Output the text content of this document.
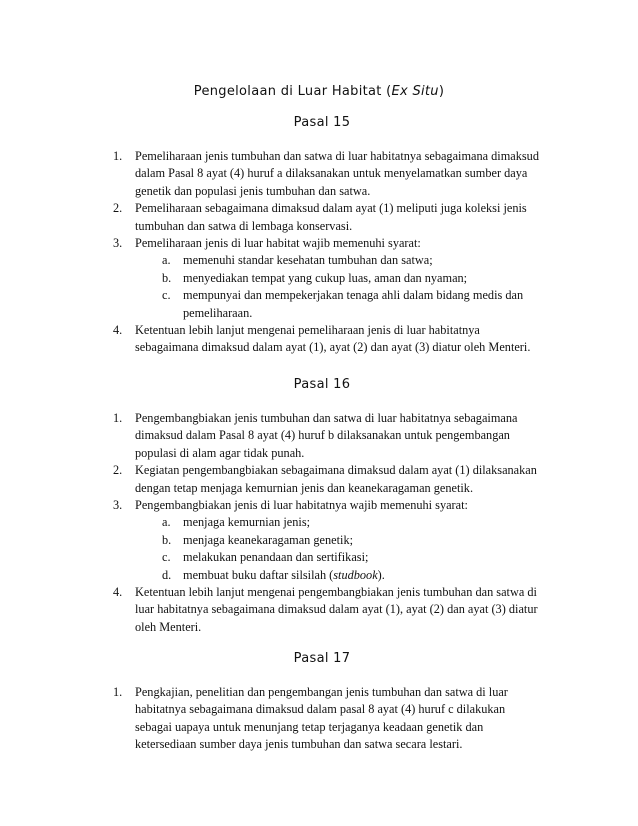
Pengelolaan di Luar Habitat (Ex Situ)
Pasal 15
1. Pemeliharaan jenis tumbuhan dan satwa di luar habitatnya sebagaimana dimaksud dalam Pasal 8 ayat (4) huruf a dilaksanakan untuk menyelamatkan sumber daya genetik dan populasi jenis tumbuhan dan satwa.
2. Pemeliharaan sebagaimana dimaksud dalam ayat (1) meliputi juga koleksi jenis tumbuhan dan satwa di lembaga konservasi.
3. Pemeliharaan jenis di luar habitat wajib memenuhi syarat:
a. memenuhi standar kesehatan tumbuhan dan satwa;
b. menyediakan tempat yang cukup luas, aman dan nyaman;
c. mempunyai dan mempekerjakan tenaga ahli dalam bidang medis dan pemeliharaan.
4. Ketentuan lebih lanjut mengenai pemeliharaan jenis di luar habitatnya sebagaimana dimaksud dalam ayat (1), ayat (2) dan ayat (3) diatur oleh Menteri.
Pasal 16
1. Pengembangbiakan jenis tumbuhan dan satwa di luar habitatnya sebagaimana dimaksud dalam Pasal 8 ayat (4) huruf b dilaksanakan untuk pengembangan populasi di alam agar tidak punah.
2. Kegiatan pengembangbiakan sebagaimana dimaksud dalam ayat (1) dilaksanakan dengan tetap menjaga kemurnian jenis dan keanekaragaman genetik.
3. Pengembangbiakan jenis di luar habitatnya wajib memenuhi syarat:
a. menjaga kemurnian jenis;
b. menjaga keanekaragaman genetik;
c. melakukan penandaan dan sertifikasi;
d. membuat buku daftar silsilah (studbook).
4. Ketentuan lebih lanjut mengenai pengembangbiakan jenis tumbuhan dan satwa di luar habitatnya sebagaimana dimaksud dalam ayat (1), ayat (2) dan ayat (3) diatur oleh Menteri.
Pasal 17
1. Pengkajian, penelitian dan pengembangan jenis tumbuhan dan satwa di luar habitatnya sebagaimana dimaksud dalam pasal 8 ayat (4) huruf c dilakukan sebagai uapaya untuk menunjang tetap terjaganya keadaan genetik dan ketersediaan sumber daya jenis tumbuhan dan satwa secara lestari.
